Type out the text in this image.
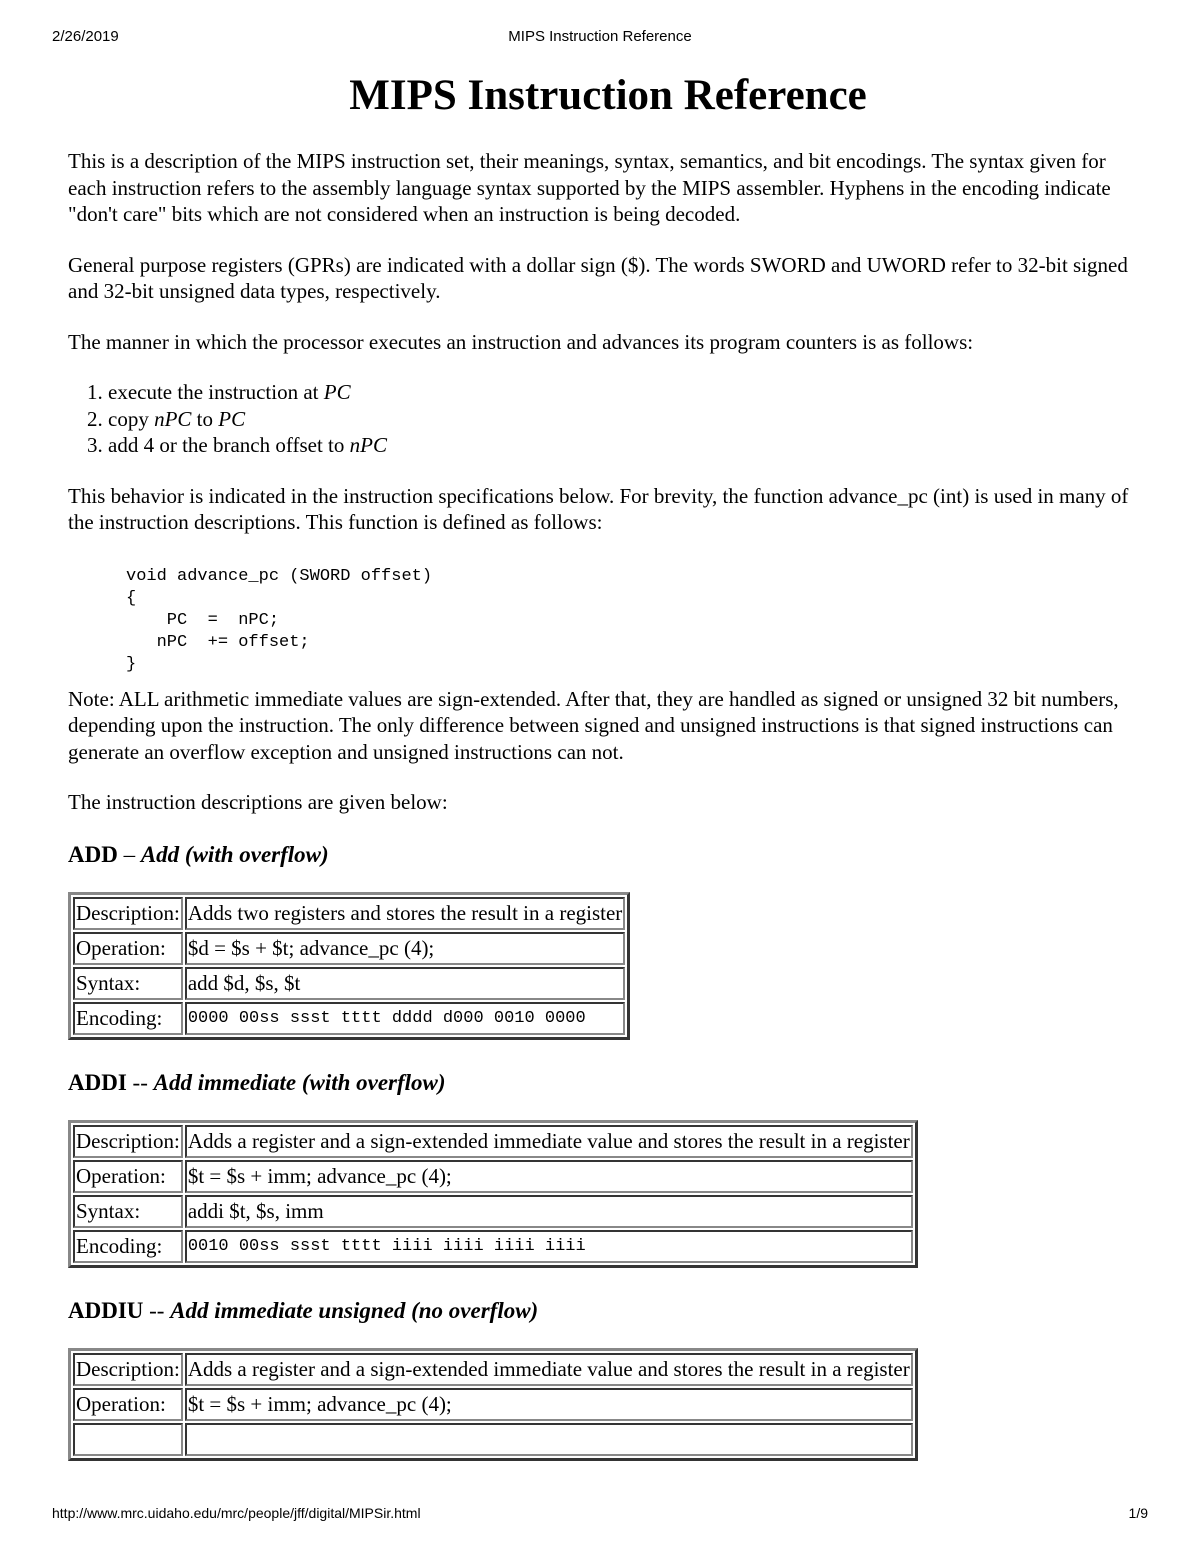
2/26/2019	MIPS Instruction Reference
MIPS Instruction Reference

This is a description of the MIPS instruction set, their meanings, syntax, semantics, and bit encodings. The syntax given for each instruction refers to the assembly language syntax supported by the MIPS assembler. Hyphens in the encoding indicate "don't care" bits which are not considered when an instruction is being decoded.

General purpose registers (GPRs) are indicated with a dollar sign ($). The words SWORD and UWORD refer to 32-bit signed and 32-bit unsigned data types, respectively.

The manner in which the processor executes an instruction and advances its program counters is as follows:

1. execute the instruction at PC
2. copy nPC to PC
3. add 4 or the branch offset to nPC

This behavior is indicated in the instruction specifications below. For brevity, the function advance_pc (int) is used in many of the instruction descriptions. This function is defined as follows:

void advance_pc (SWORD offset)
{
PC  =  nPC;
nPC  += offset;
}

Note: ALL arithmetic immediate values are sign-extended. After that, they are handled as signed or unsigned 32 bit numbers, depending upon the instruction. The only difference between signed and unsigned instructions is that signed instructions can generate an overflow exception and unsigned instructions can not.

The instruction descriptions are given below:

ADD – Add (with overflow)
Description:	Adds two registers and stores the result in a register
Operation:	$d = $s + $t; advance_pc (4);
Syntax:	add $d, $s, $t
Encoding:	0000 00ss ssst tttt dddd d000 0010 0000
ADDI -- Add immediate (with overflow)
Description:	Adds a register and a sign-extended immediate value and stores the result in a register
Operation:	$t = $s + imm; advance_pc (4);
Syntax:	addi $t, $s, imm
Encoding:	0010 00ss ssst tttt iiii iiii iiii iiii
ADDIU -- Add immediate unsigned (no overflow)
Description:	Adds a register and a sign-extended immediate value and stores the result in a register
Operation:	$t = $s + imm; advance_pc (4);

http://www.mrc.uidaho.edu/mrc/people/jff/digital/MIPSir.html	1/9
